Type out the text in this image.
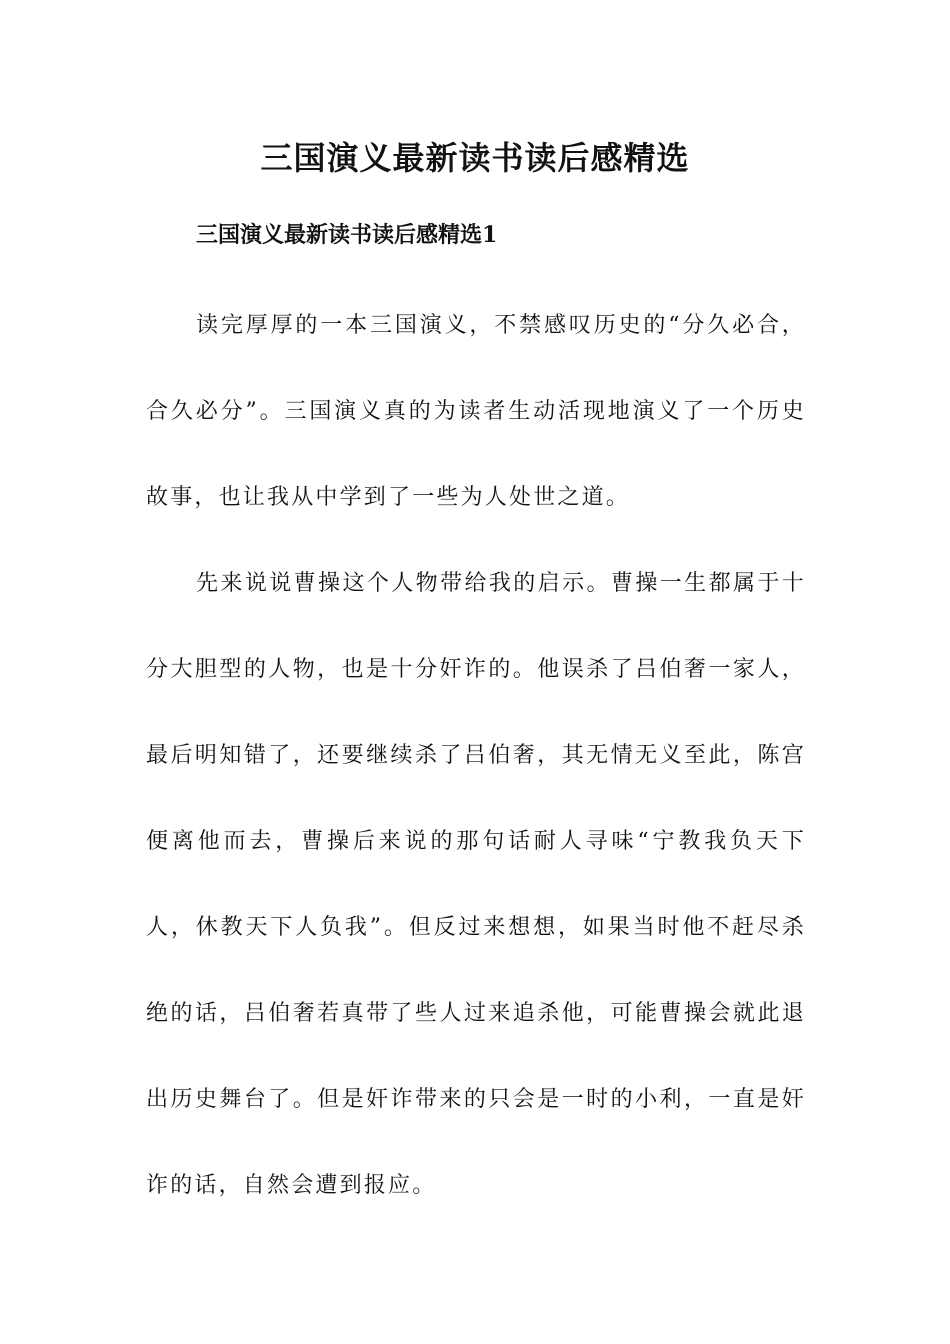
三国演义最新读书读后感精选
三国演义最新读书读后感精选1

读完厚厚的一本三国演义，不禁感叹历史的“分久必合，合久必分”。三国演义真的为读者生动活现地演义了一个历史故事，也让我从中学到了一些为人处世之道。

先来说说曹操这个人物带给我的启示。曹操一生都属于十分大胆型的人物，也是十分奸诈的。他误杀了吕伯奢一家人，最后明知错了，还要继续杀了吕伯奢，其无情无义至此，陈宫便离他而去，曹操后来说的那句话耐人寻味“宁教我负天下人，休教天下人负我”。但反过来想想，如果当时他不赶尽杀绝的话，吕伯奢若真带了些人过来追杀他，可能曹操会就此退出历史舞台了。但是奸诈带来的只会是一时的小利，一直是奸诈的话，自然会遭到报应。
